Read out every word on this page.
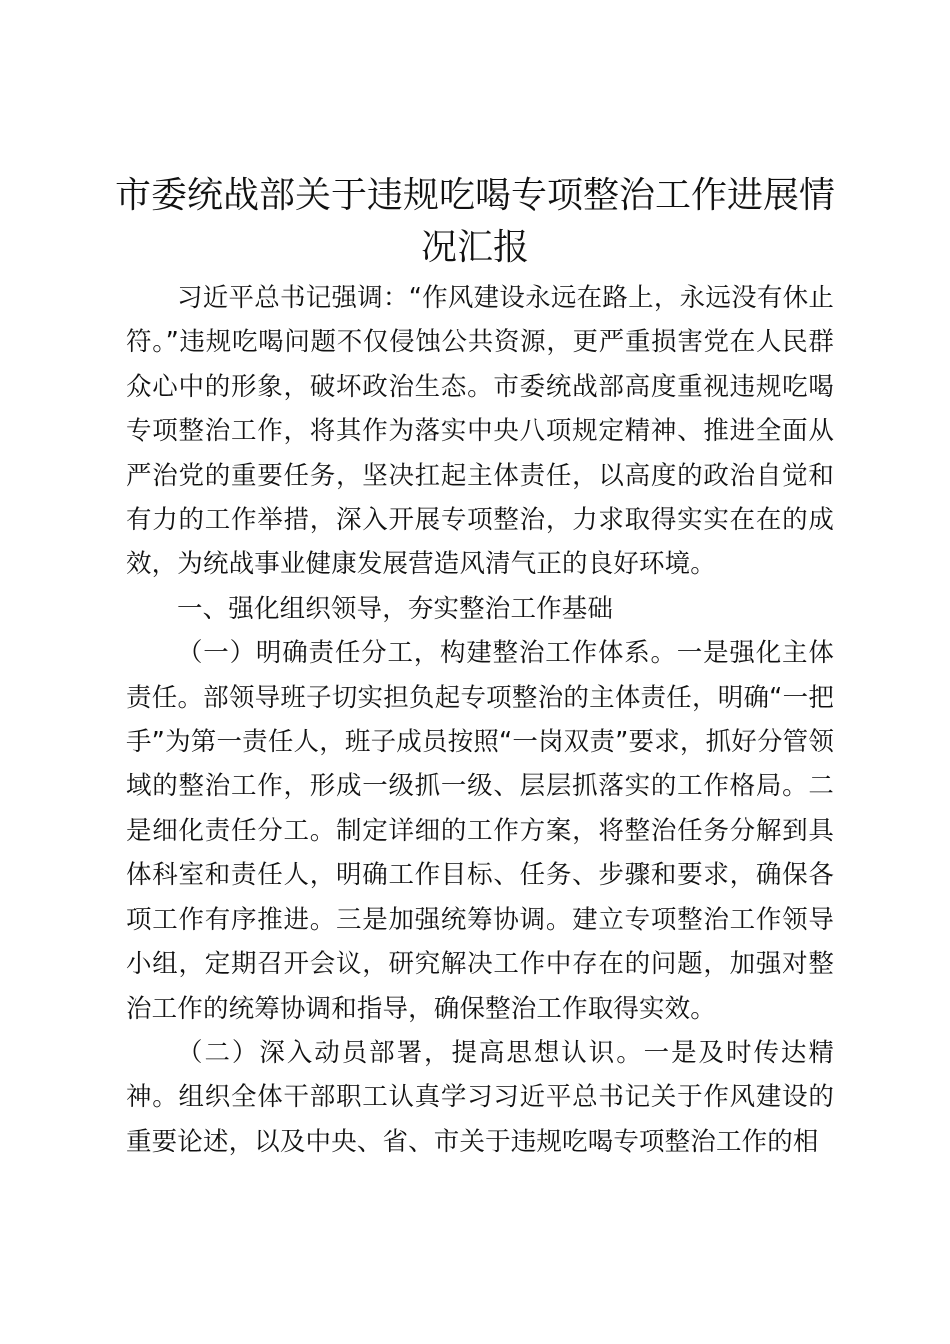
市委统战部关于违规吃喝专项整治工作进展情况汇报

习近平总书记强调：“作风建设永远在路上，永远没有休止符。”违规吃喝问题不仅侵蚀公共资源，更严重损害党在人民群众心中的形象，破坏政治生态。市委统战部高度重视违规吃喝专项整治工作，将其作为落实中央八项规定精神、推进全面从严治党的重要任务，坚决扛起主体责任，以高度的政治自觉和有力的工作举措，深入开展专项整治，力求取得实实在在的成效，为统战事业健康发展营造风清气正的良好环境。

一、强化组织领导，夯实整治工作基础

（一）明确责任分工，构建整治工作体系。一是强化主体责任。部领导班子切实担负起专项整治的主体责任，明确“一把手”为第一责任人，班子成员按照“一岗双责”要求，抓好分管领域的整治工作，形成一级抓一级、层层抓落实的工作格局。二是细化责任分工。制定详细的工作方案，将整治任务分解到具体科室和责任人，明确工作目标、任务、步骤和要求，确保各项工作有序推进。三是加强统筹协调。建立专项整治工作领导小组，定期召开会议，研究解决工作中存在的问题，加强对整治工作的统筹协调和指导，确保整治工作取得实效。

（二）深入动员部署，提高思想认识。一是及时传达精神。组织全体干部职工认真学习习近平总书记关于作风建设的重要论述，以及中央、省、市关于违规吃喝专项整治工作的相
